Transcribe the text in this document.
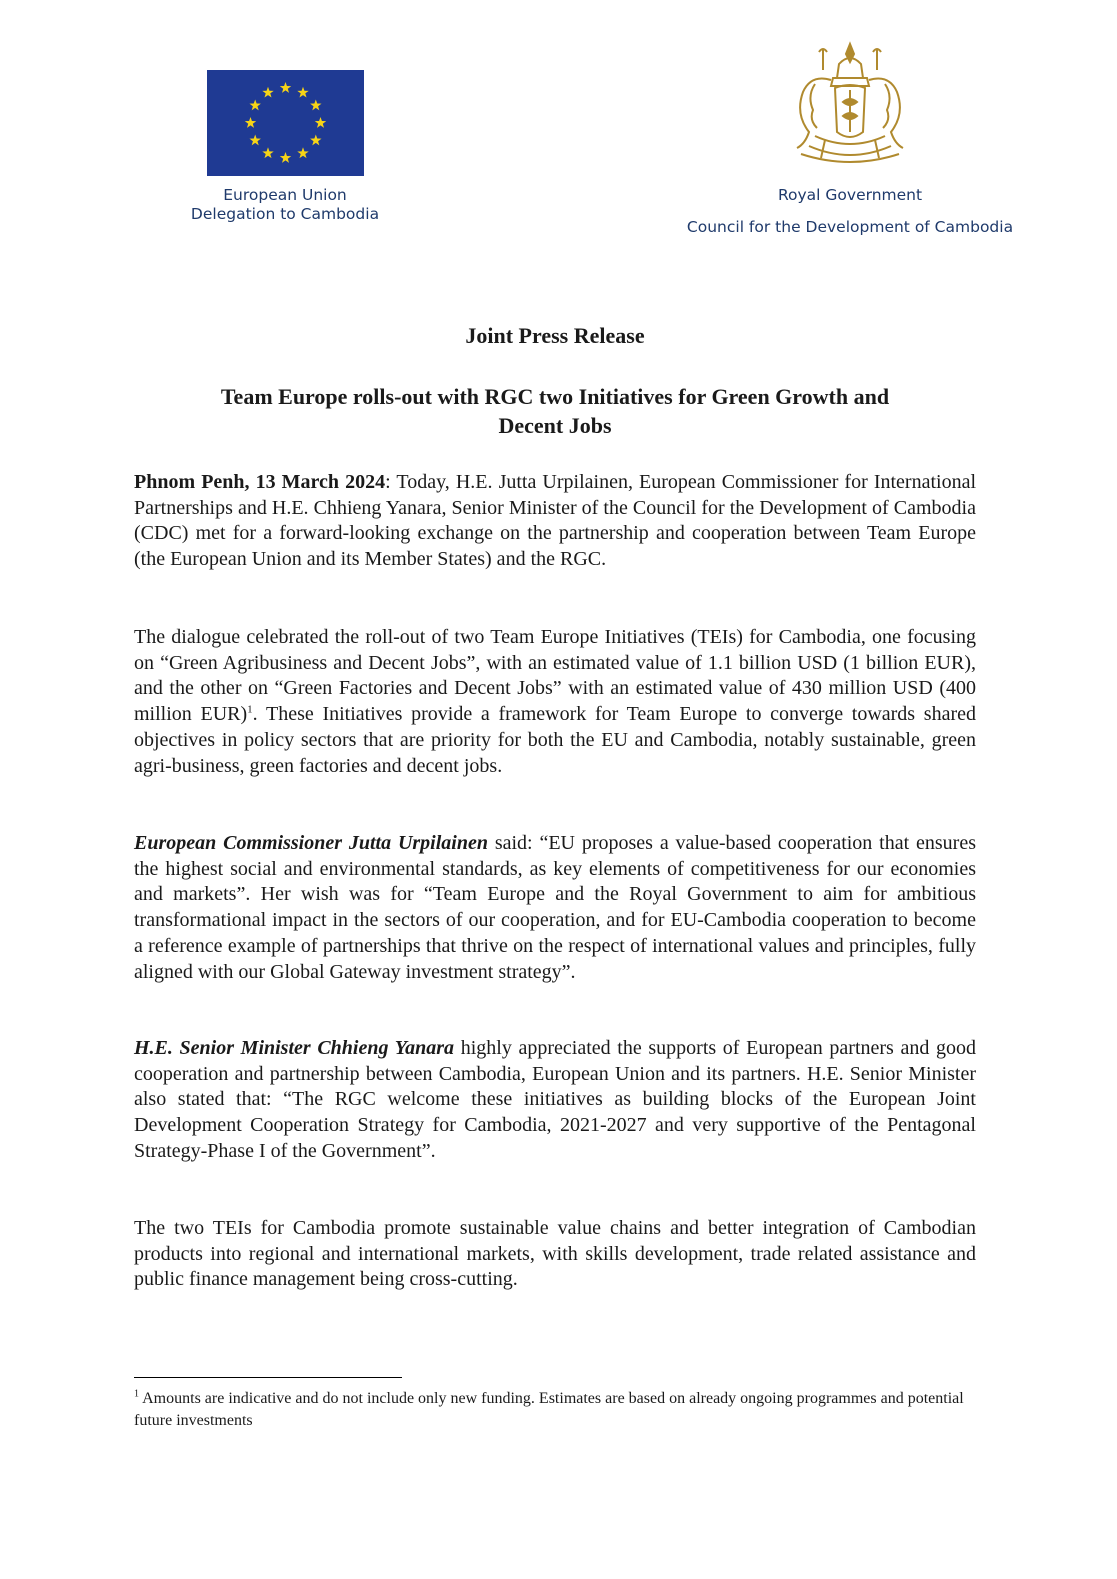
European Union
Delegation to Cambodia
Royal Government
Council for the Development of Cambodia
Joint Press Release
Team Europe rolls-out with RGC two Initiatives for Green Growth and
Decent Jobs

Phnom Penh, 13 March 2024: Today, H.E. Jutta Urpilainen, European Commissioner for International Partnerships and H.E. Chhieng Yanara, Senior Minister of the Council for the Development of Cambodia (CDC) met for a forward-looking exchange on the partnership and cooperation between Team Europe (the European Union and its Member States) and the RGC.

The dialogue celebrated the roll-out of two Team Europe Initiatives (TEIs) for Cambodia, one focusing on “Green Agribusiness and Decent Jobs”, with an estimated value of 1.1 billion USD (1 billion EUR), and the other on “Green Factories and Decent Jobs” with an estimated value of 430 million USD (400 million EUR)$^1$. These Initiatives provide a framework for Team Europe to converge towards shared objectives in policy sectors that are priority for both the EU and Cambodia, notably sustainable, green agri-business, green factories and decent jobs.

European Commissioner Jutta Urpilainen said: “EU proposes a value-based cooperation that ensures the highest social and environmental standards, as key elements of competitiveness for our economies and markets”. Her wish was for “Team Europe and the Royal Government to aim for ambitious transformational impact in the sectors of our cooperation, and for EU-Cambodia cooperation to become a reference example of partnerships that thrive on the respect of international values and principles, fully aligned with our Global Gateway investment strategy”.

H.E. Senior Minister Chhieng Yanara highly appreciated the supports of European partners and good cooperation and partnership between Cambodia, European Union and its partners. H.E. Senior Minister also stated that: “The RGC welcome these initiatives as building blocks of the European Joint Development Cooperation Strategy for Cambodia, 2021-2027 and very supportive of the Pentagonal Strategy-Phase I of the Government”.

The two TEIs for Cambodia promote sustainable value chains and better integration of Cambodian products into regional and international markets, with skills development, trade related assistance and public finance management being cross-cutting.

$^1$ Amounts are indicative and do not include only new funding. Estimates are based on already ongoing programmes and potential future investments
